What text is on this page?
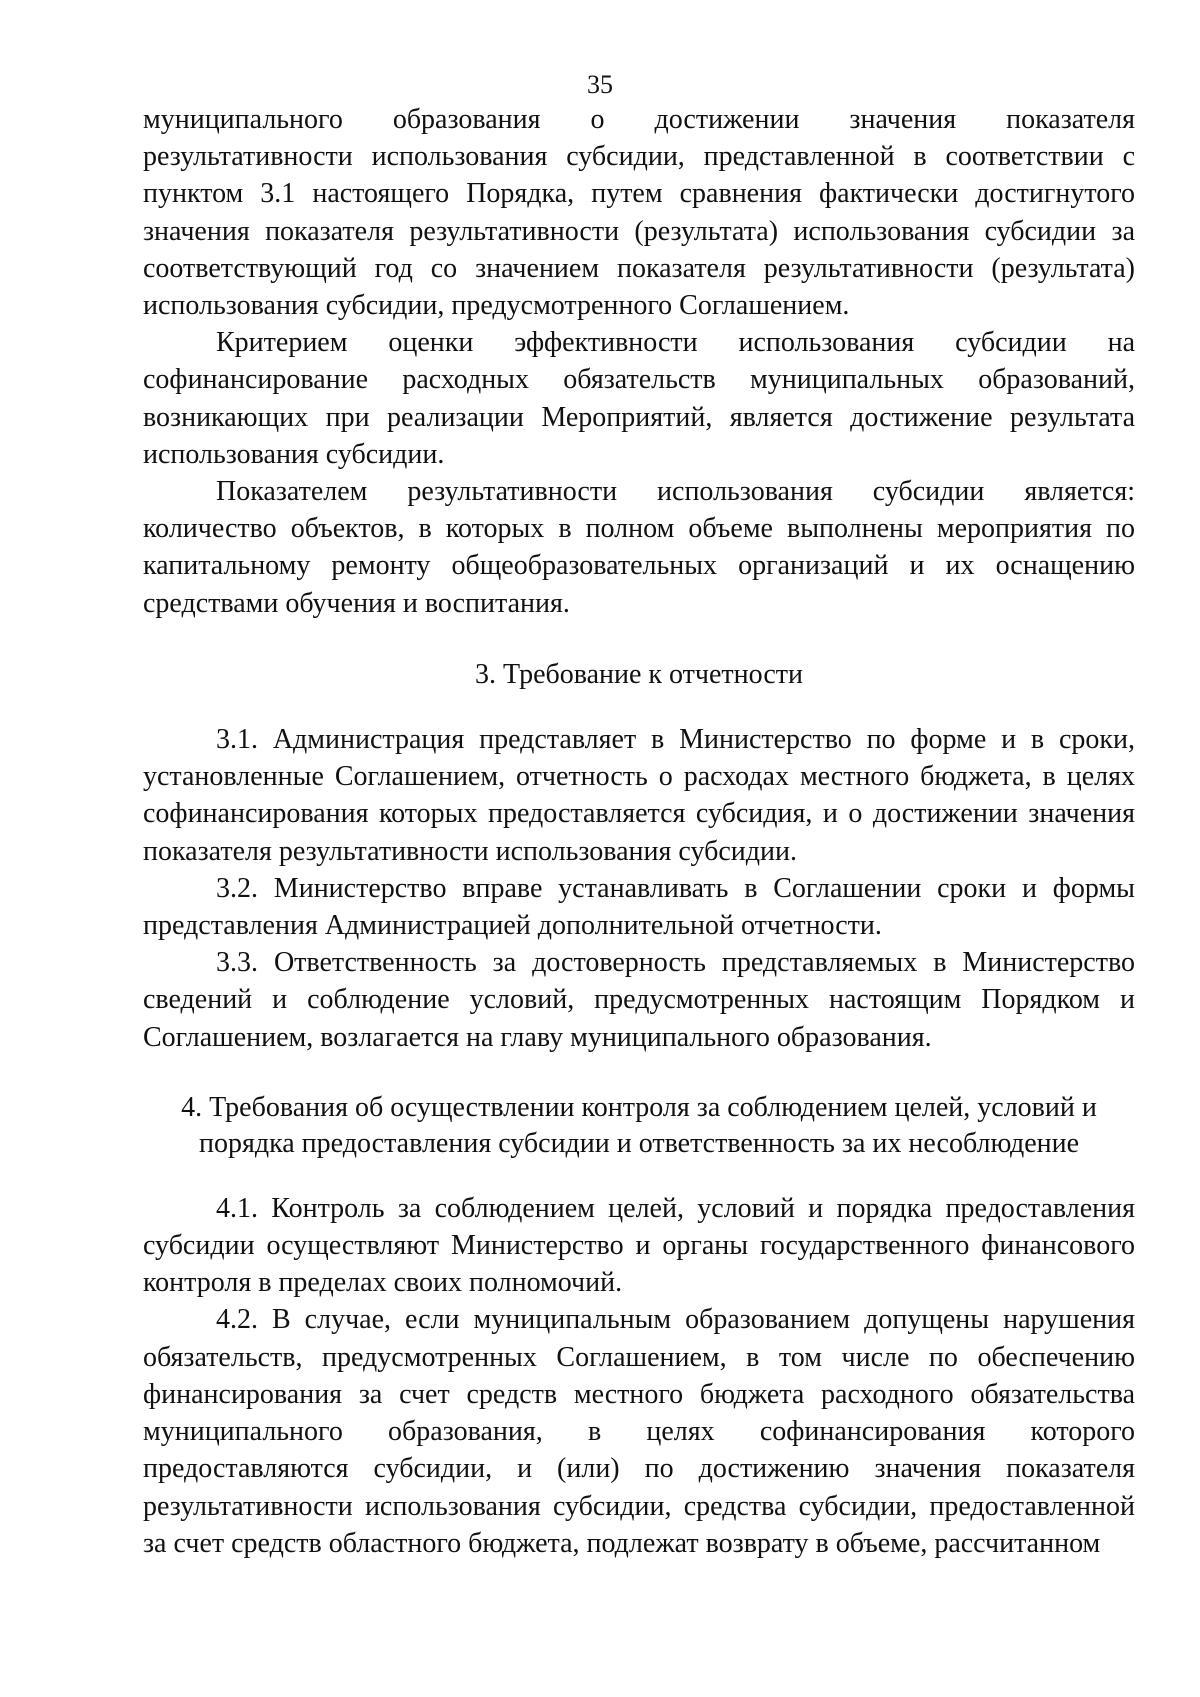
35

муниципального образования о достижении значения показателя результативности использования субсидии, представленной в соответствии с пунктом 3.1 настоящего Порядка, путем сравнения фактически достигнутого значения показателя результативности (результата) использования субсидии за соответствующий год со значением показателя результативности (результата) использования субсидии, предусмотренного Соглашением.

Критерием оценки эффективности использования субсидии на софинансирование расходных обязательств муниципальных образований, возникающих при реализации Мероприятий, является достижение результата использования субсидии.

Показателем результативности использования субсидии является: количество объектов, в которых в полном объеме выполнены мероприятия по капитальному ремонту общеобразовательных организаций и их оснащению средствами обучения и воспитания.

3. Требование к отчетности

3.1. Администрация представляет в Министерство по форме и в сроки, установленные Соглашением, отчетность о расходах местного бюджета, в целях софинансирования которых предоставляется субсидия, и о достижении значения показателя результативности использования субсидии.

3.2. Министерство вправе устанавливать в Соглашении сроки и формы представления Администрацией дополнительной отчетности.

3.3. Ответственность за достоверность представляемых в Министерство сведений и соблюдение условий, предусмотренных настоящим Порядком и Соглашением, возлагается на главу муниципального образования.

4. Требования об осуществлении контроля за соблюдением целей, условий и
порядка предоставления субсидии и ответственность за их несоблюдение

4.1. Контроль за соблюдением целей, условий и порядка предоставления субсидии осуществляют Министерство и органы государственного финансового контроля в пределах своих полномочий.

4.2. В случае, если муниципальным образованием допущены нарушения обязательств, предусмотренных Соглашением, в том числе по обеспечению финансирования за счет средств местного бюджета расходного обязательства муниципального образования, в целях софинансирования которого предоставляются субсидии, и (или) по достижению значения показателя результативности использования субсидии, средства субсидии, предоставленной за счет средств областного бюджета, подлежат возврату в объеме, рассчитанном
